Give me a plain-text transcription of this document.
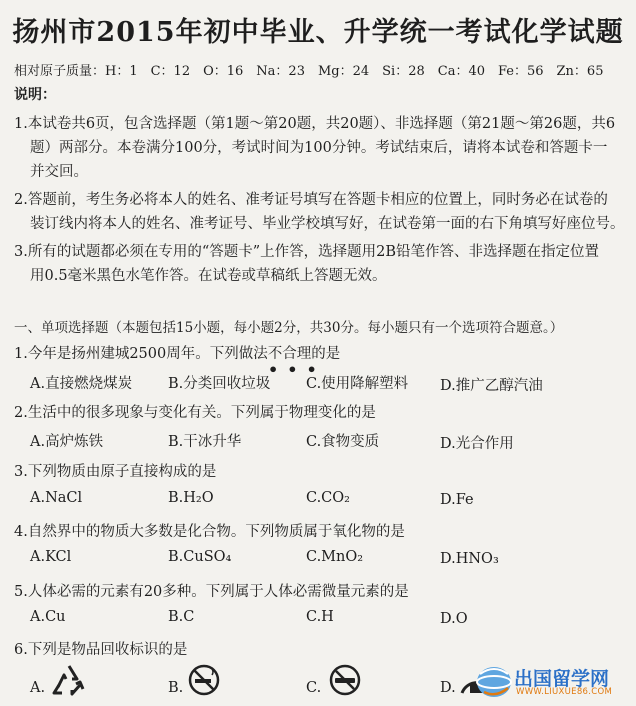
扬州市2015年初中毕业、升学统一考试化学试题
相对原子质量：H：1　C：12　O：16　Na：23　Mg：24　Si：28　Ca：40　Fe：56　Zn：65
说明：
1.本试卷共6页，包含选择题（第1题～第20题，共20题）、非选择题（第21题～第26题，共6
题）两部分。本卷满分100分，考试时间为100分钟。考试结束后，请将本试卷和答题卡一
并交回。
2.答题前，考生务必将本人的姓名、准考证号填写在答题卡相应的位置上，同时务必在试卷的
装订线内将本人的姓名、准考证号、毕业学校填写好，在试卷第一面的右下角填写好座位号。
3.所有的试题都必须在专用的“答题卡”上作答，选择题用2B铅笔作答、非选择题在指定位置
用0.5毫米黑色水笔作答。在试卷或草稿纸上答题无效。
一、单项选择题（本题包括15小题，每小题2分，共30分。每小题只有一个选项符合题意。）
1.今年是扬州建城2500周年。下列做法不合理的是
•••
A.直接燃烧煤炭 B.分类回收垃圾 C.使用降解塑料 D.推广乙醇汽油
2.生活中的很多现象与变化有关。下列属于物理变化的是
A.高炉炼铁	B.干冰升华	C.食物变质	D.光合作用
3.下列物质由原子直接构成的是
A.NaCl	B.H₂O	C.CO₂	D.Fe
4.自然界中的物质大多数是化合物。下列物质属于氧化物的是
A.KCl	B.CuSO₄	C.MnO₂	D.HNO₃
5.人体必需的元素有20多种。下列属于人体必需微量元素的是
A.Cu	B.C	C.H	D.O
6.下列是物品回收标识的是
A.	B.	C.	D.	出国留学网
WWW.LIUXUE86.COM
